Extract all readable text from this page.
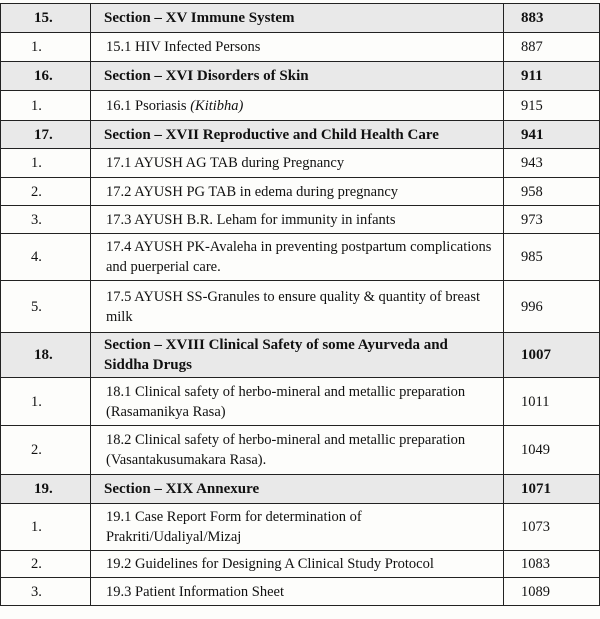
15.	Section – XV Immune System	883
1.	15.1 HIV Infected Persons	887
16.	Section – XVI Disorders of Skin	911
1.	16.1 Psoriasis (Kitibha)	915
17.	Section – XVII Reproductive and Child Health Care	941
1.	17.1 AYUSH AG TAB during Pregnancy	943
2.	17.2 AYUSH PG TAB in edema during pregnancy	958
3.	17.3 AYUSH B.R. Leham for immunity in infants	973
4.	17.4 AYUSH PK-Avaleha in preventing postpartum complications and puerperial care.	985
5.	17.5 AYUSH SS-Granules to ensure quality & quantity of breast milk	996
18.	Section – XVIII Clinical Safety of some Ayurveda and Siddha Drugs	1007
1.	18.1 Clinical safety of herbo-mineral and metallic preparation (Rasamanikya Rasa)	1011
2.	18.2 Clinical safety of herbo-mineral and metallic preparation (Vasantakusumakara Rasa).	1049
19.	Section – XIX Annexure	1071
1.	19.1 Case Report Form for determination of Prakriti/Udaliyal/Mizaj	1073
2.	19.2 Guidelines for Designing A Clinical Study Protocol	1083
3.	19.3 Patient Information Sheet	1089
